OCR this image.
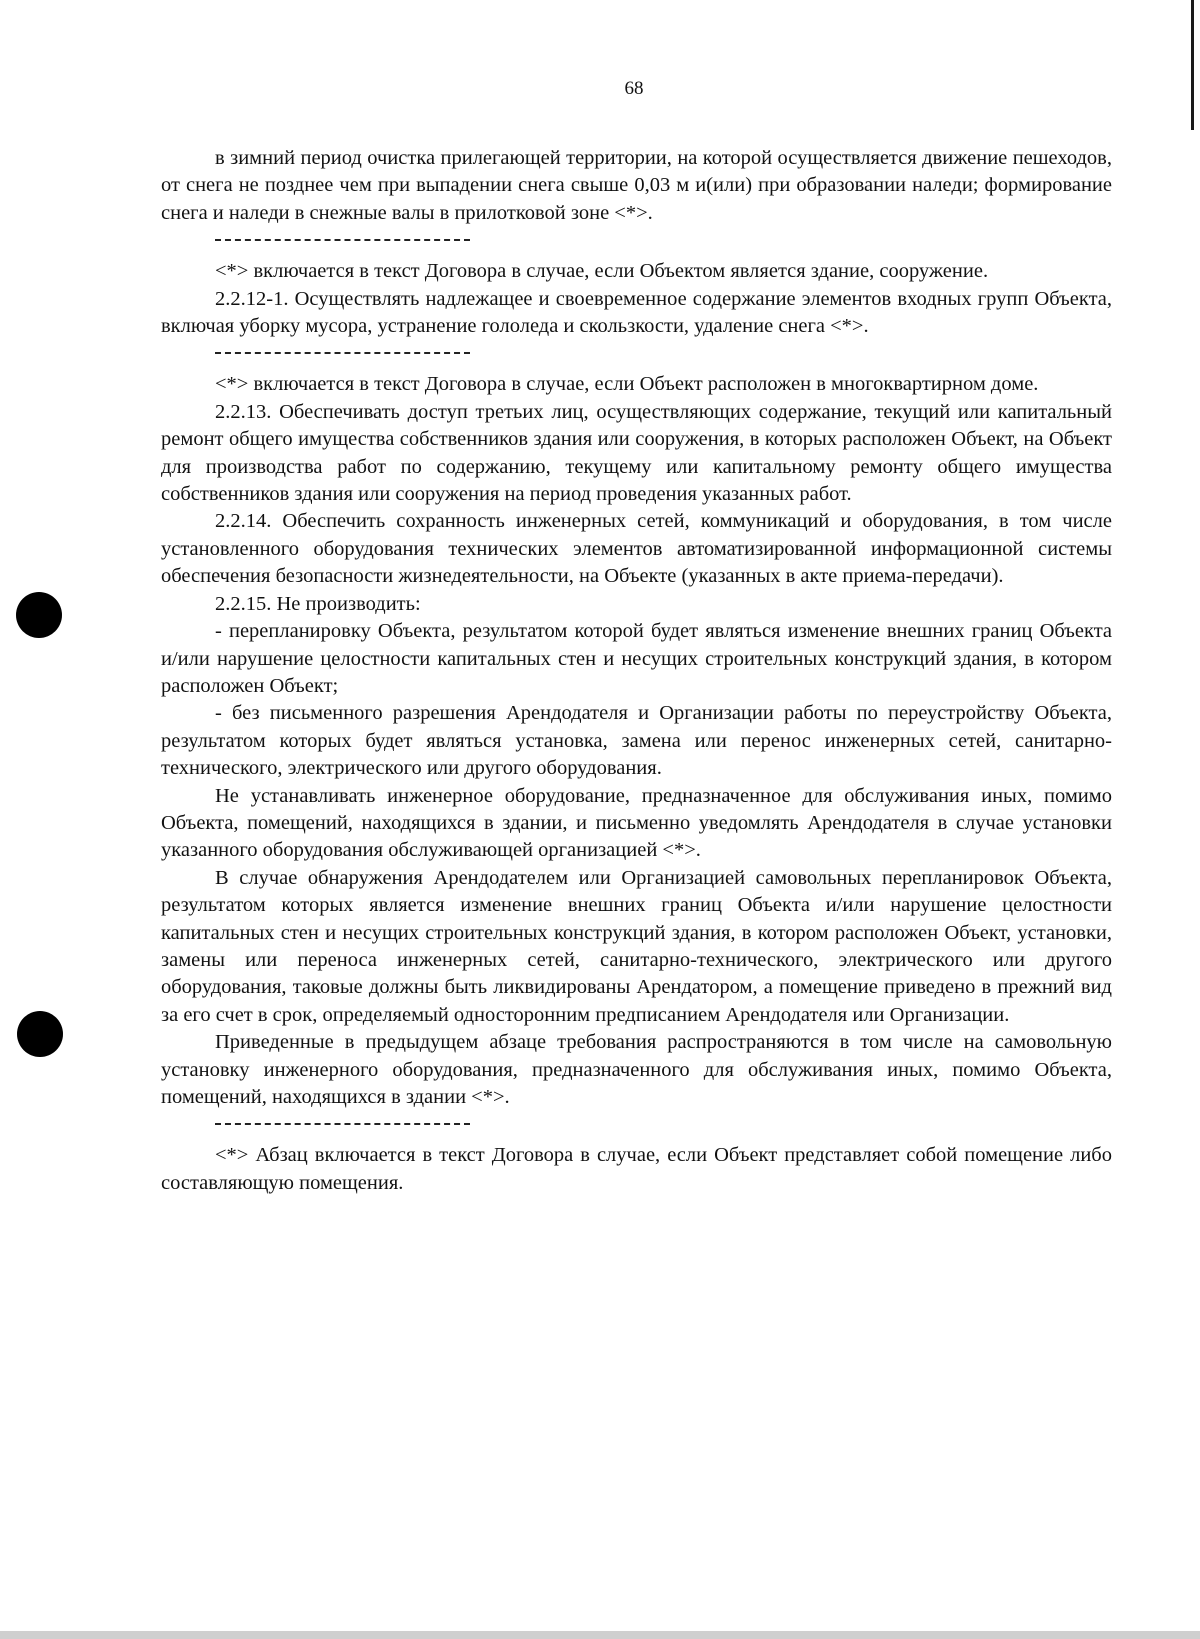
68

в зимний период очистка прилегающей территории, на которой осуществляется движение пешеходов, от снега не позднее чем при выпадении снега свыше 0,03 м и(или) при образовании наледи; формирование снега и наледи в снежные валы в прилотковой зоне <*>.

<*> включается в текст Договора в случае, если Объектом является здание, сооружение.

2.2.12-1. Осуществлять надлежащее и своевременное содержание элементов входных групп Объекта, включая уборку мусора, устранение гололеда и скользкости, удаление снега <*>.

<*> включается в текст Договора в случае, если Объект расположен в многоквартирном доме.

2.2.13. Обеспечивать доступ третьих лиц, осуществляющих содержание, текущий или капитальный ремонт общего имущества собственников здания или сооружения, в которых расположен Объект, на Объект для производства работ по содержанию, текущему или капитальному ремонту общего имущества собственников здания или сооружения на период проведения указанных работ.

2.2.14. Обеспечить сохранность инженерных сетей, коммуникаций и оборудования, в том числе установленного оборудования технических элементов автоматизированной информационной системы обеспечения безопасности жизнедеятельности, на Объекте (указанных в акте приема-передачи).

2.2.15. Не производить:

- перепланировку Объекта, результатом которой будет являться изменение внешних границ Объекта и/или нарушение целостности капитальных стен и несущих строительных конструкций здания, в котором расположен Объект;

- без письменного разрешения Арендодателя и Организации работы по переустройству Объекта, результатом которых будет являться установка, замена или перенос инженерных сетей, санитарно-технического, электрического или другого оборудования.

Не устанавливать инженерное оборудование, предназначенное для обслуживания иных, помимо Объекта, помещений, находящихся в здании, и письменно уведомлять Арендодателя в случае установки указанного оборудования обслуживающей организацией <*>.

В случае обнаружения Арендодателем или Организацией самовольных перепланировок Объекта, результатом которых является изменение внешних границ Объекта и/или нарушение целостности капитальных стен и несущих строительных конструкций здания, в котором расположен Объект, установки, замены или переноса инженерных сетей, санитарно-технического, электрического или другого оборудования, таковые должны быть ликвидированы Арендатором, а помещение приведено в прежний вид за его счет в срок, определяемый односторонним предписанием Арендодателя или Организации.

Приведенные в предыдущем абзаце требования распространяются в том числе на самовольную установку инженерного оборудования, предназначенного для обслуживания иных, помимо Объекта, помещений, находящихся в здании <*>.

<*> Абзац включается в текст Договора в случае, если Объект представляет собой помещение либо составляющую помещения.
